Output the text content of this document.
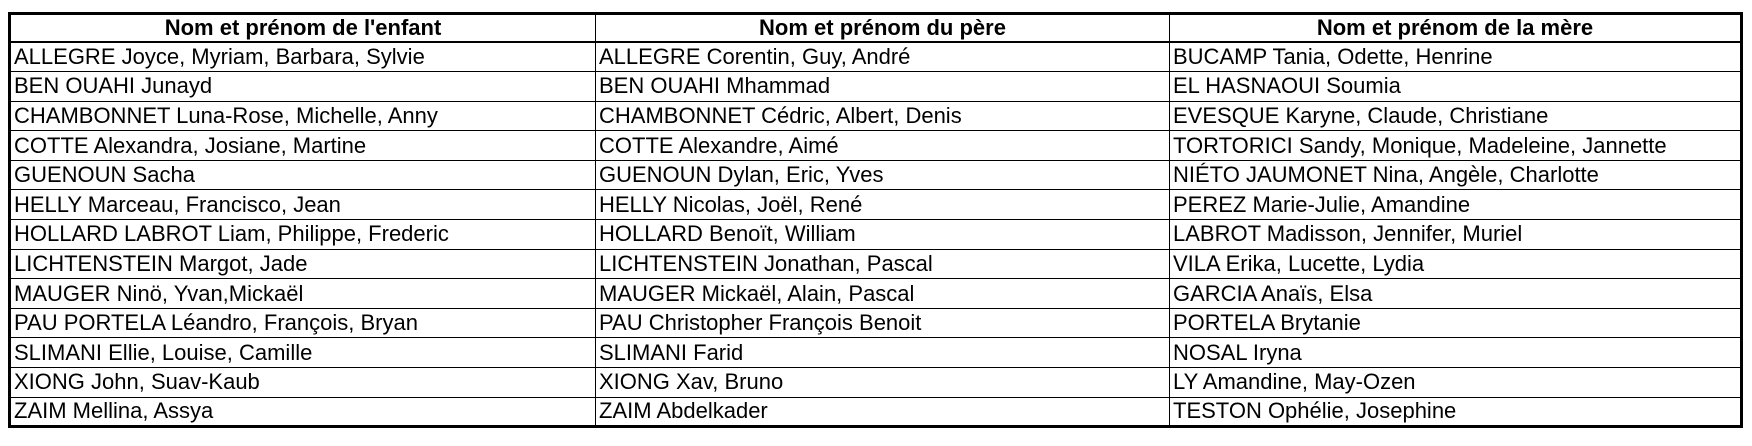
Nom et prénom de l'enfant	Nom et prénom du père	Nom et prénom de la mère
ALLEGRE Joyce, Myriam, Barbara, Sylvie	ALLEGRE Corentin, Guy, André	BUCAMP Tania, Odette, Henrine
BEN OUAHI Junayd	BEN OUAHI Mhammad	EL HASNAOUI Soumia
CHAMBONNET Luna-Rose, Michelle, Anny	CHAMBONNET Cédric, Albert, Denis	EVESQUE Karyne, Claude, Christiane
COTTE Alexandra, Josiane, Martine	COTTE Alexandre, Aimé	TORTORICI Sandy, Monique, Madeleine, Jannette
GUENOUN Sacha	GUENOUN Dylan, Eric, Yves	NIÉTO JAUMONET Nina, Angèle, Charlotte
HELLY Marceau, Francisco, Jean	HELLY Nicolas, Joël, René	PEREZ Marie-Julie, Amandine
HOLLARD LABROT Liam, Philippe, Frederic	HOLLARD Benoït, William	LABROT Madisson, Jennifer, Muriel
LICHTENSTEIN Margot, Jade	LICHTENSTEIN Jonathan, Pascal	VILA Erika, Lucette, Lydia
MAUGER Ninö, Yvan,Mickaël	MAUGER Mickaël, Alain, Pascal	GARCIA Anaïs, Elsa
PAU PORTELA Léandro, François, Bryan	PAU Christopher François Benoit	PORTELA Brytanie
SLIMANI Ellie, Louise, Camille	SLIMANI Farid	NOSAL Iryna
XIONG John, Suav-Kaub	XIONG Xav, Bruno	LY Amandine, May-Ozen
ZAIM Mellina, Assya	ZAIM Abdelkader	TESTON Ophélie, Josephine
